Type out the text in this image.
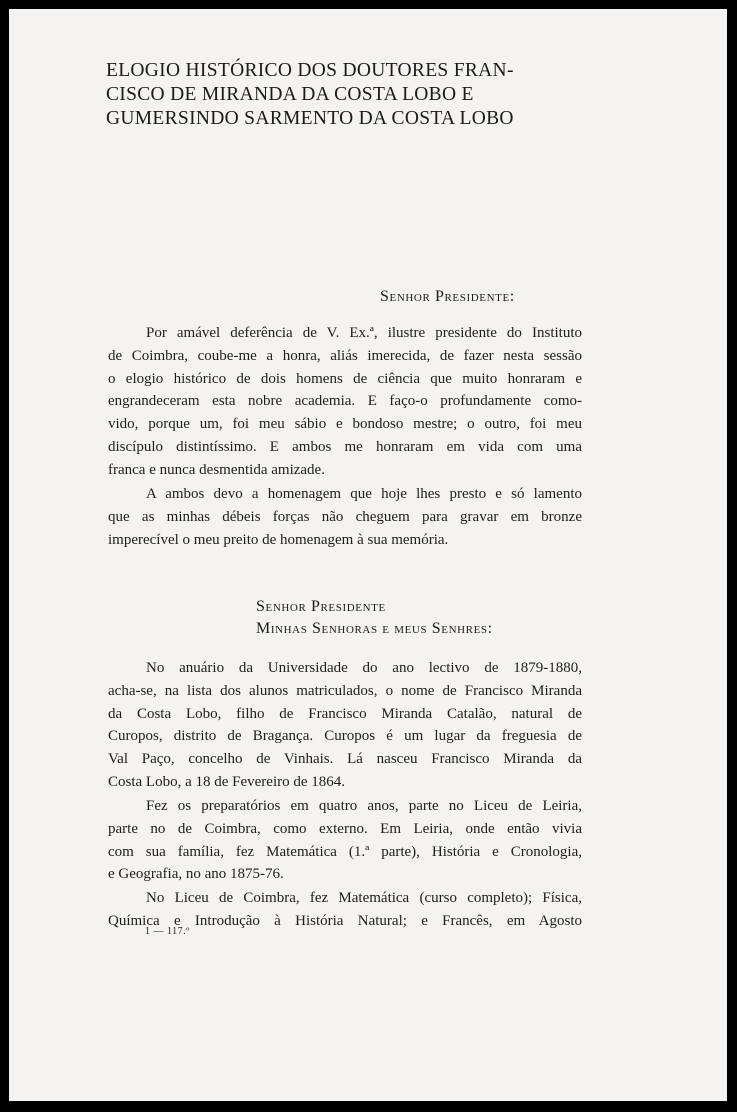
ELOGIO HISTÓRICO DOS DOUTORES FRAN-
CISCO DE MIRANDA DA COSTA LOBO E
GUMERSINDO SARMENTO DA COSTA LOBO
Senhor Presidente:

Por amável deferência de V. Ex.ª, ilustre presidente do Instituto
de Coimbra, coube-me a honra, aliás imerecida, de fazer nesta sessão
o elogio histórico de dois homens de ciência que muito honraram e
engrandeceram esta nobre academia. E faço-o profundamente como-
vido, porque um, foi meu sábio e bondoso mestre; o outro, foi meu
discípulo distintíssimo. E ambos me honraram em vida com uma
franca e nunca desmentida amizade.

A ambos devo a homenagem que hoje lhes presto e só lamento
que as minhas débeis forças não cheguem para gravar em bronze
imperecível o meu preito de homenagem à sua memória.

Senhor Presidente
Minhas Senhoras e meus Senhres:

No anuário da Universidade do ano lectivo de 1879-1880,
acha-se, na lista dos alunos matriculados, o nome de Francisco Miranda
da Costa Lobo, filho de Francisco Miranda Catalão, natural de
Curopos, distrito de Bragança. Curopos é um lugar da freguesia de
Val Paço, concelho de Vinhais. Lá nasceu Francisco Miranda da
Costa Lobo, a 18 de Fevereiro de 1864.

Fez os preparatórios em quatro anos, parte no Liceu de Leiria,
parte no de Coimbra, como externo. Em Leiria, onde então vivia
com sua família, fez Matemática (1.ª parte), História e Cronologia,
e Geografia, no ano 1875-76.

No Liceu de Coimbra, fez Matemática (curso completo); Física,
Química e Introdução à História Natural; e Francês, em Agosto

1 — 117.º
